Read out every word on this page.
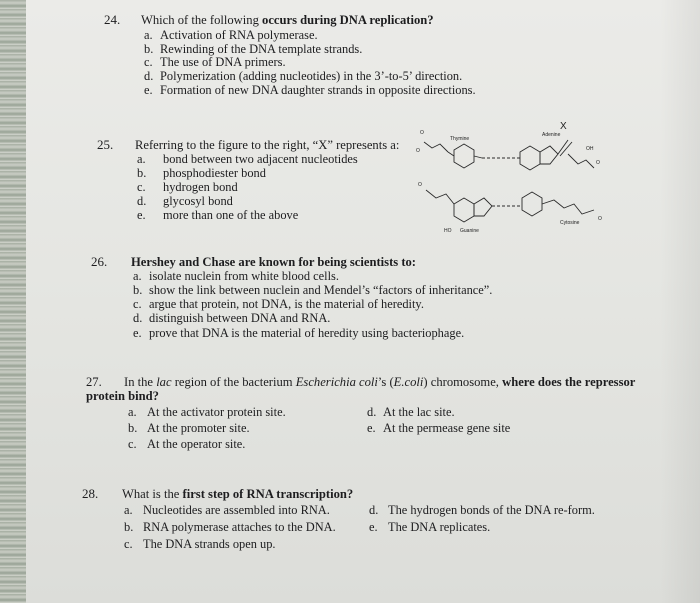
24. Which of the following occurs during DNA replication?
a. Activation of RNA polymerase.
b. Rewinding of the DNA template strands.
c. The use of DNA primers.
d. Polymerization (adding nucleotides) in the 3’-to-5’ direction.
e. Formation of new DNA daughter strands in opposite directions.
25. Referring to the figure to the right, “X” represents a:
a. bond between two adjacent nucleotides
b. phosphodiester bond
c. hydrogen bond
d. glycosyl bond
e. more than one of the above
Thymine
Adenine
X
Guanine
Cytosine
O
O
O
O
O
OH
HO
26. Hershey and Chase are known for being scientists to:
a. isolate nuclein from white blood cells.
b. show the link between nuclein and Mendel’s “factors of inheritance”.
c. argue that protein, not DNA, is the material of heredity.
d. distinguish between DNA and RNA.
e. prove that DNA is the material of heredity using bacteriophage.
27. In the lac region of the bacterium Escherichia coli’s (E.coli) chromosome, where does the repressor
protein bind?
a. At the activator protein site.
b. At the promoter site.
c. At the operator site.
d. At the lac site.
e. At the permease gene site
28. What is the first step of RNA transcription?
a. Nucleotides are assembled into RNA.
b. RNA polymerase attaches to the DNA.
c. The DNA strands open up.
d. The hydrogen bonds of the DNA re-form.
e. The DNA replicates.
